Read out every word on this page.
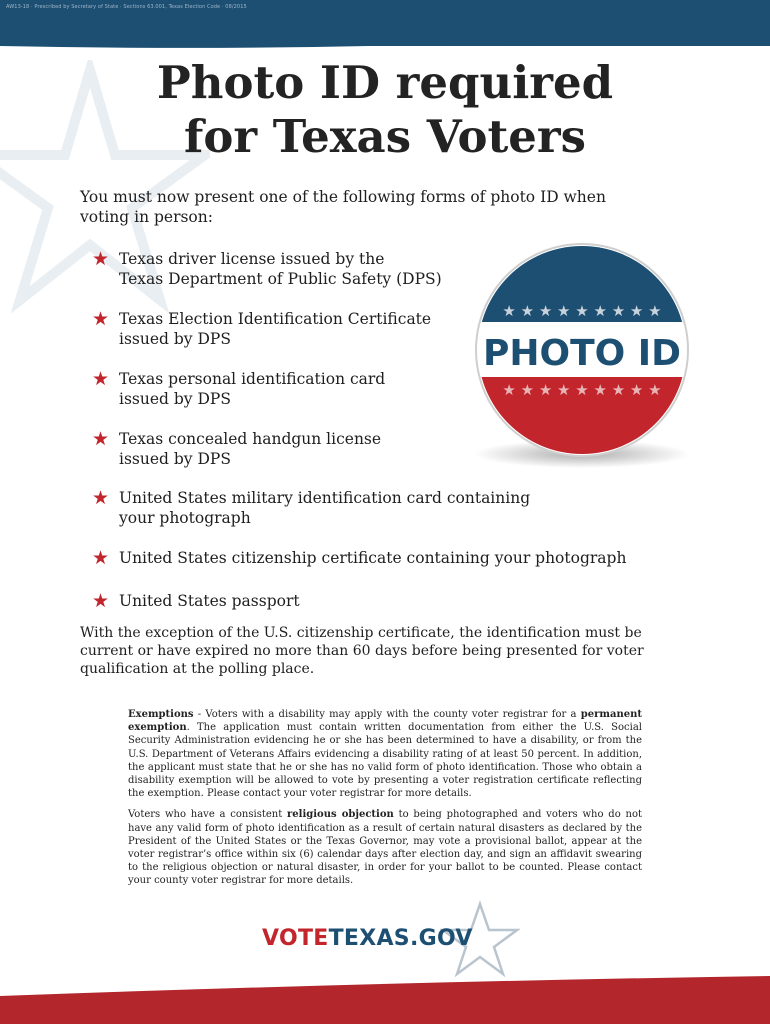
AW13-18 · Prescribed by Secretary of State · Sections 63.001, Texas Election Code · 08/2015
Photo ID required
for Texas Voters
You must now present one of the following forms of photo ID when
voting in person:
★ Texas driver license issued by the
Texas Department of Public Safety (DPS)
★ Texas Election Identification Certificate
issued by DPS
★ Texas personal identification card
issued by DPS
★ Texas concealed handgun license
issued by DPS
★ United States military identification card containing
your photograph
★ United States citizenship certificate containing your photograph
★ United States passport
★ ★ ★ ★ ★ ★ ★ ★ ★
★ ★ ★ ★ ★ ★ ★ ★ ★
PHOTO ID
With the exception of the U.S. citizenship certificate, the identification must be
current or have expired no more than 60 days before being presented for voter
qualification at the polling place.

Exemptions - Voters with a disability may apply with the county voter registrar for a permanent exemption. The application must contain written documentation from either the U.S. Social Security Administration evidencing he or she has been determined to have a disability, or from the U.S. Department of Veterans Affairs evidencing a disability rating of at least 50 percent. In addition, the applicant must state that he or she has no valid form of photo identification. Those who obtain a disability exemption will be allowed to vote by presenting a voter registration certificate reflecting the exemption. Please contact your voter registrar for more details.

Voters who have a consistent religious objection to being photographed and voters who do not have any valid form of photo identification as a result of certain natural disasters as declared by the President of the United States or the Texas Governor, may vote a provisional ballot, appear at the voter registrar’s office within six (6) calendar days after election day, and sign an affidavit swearing to the religious objection or natural disaster, in order for your ballot to be counted. Please contact your county voter registrar for more details.

VOTETEXAS.GOV
